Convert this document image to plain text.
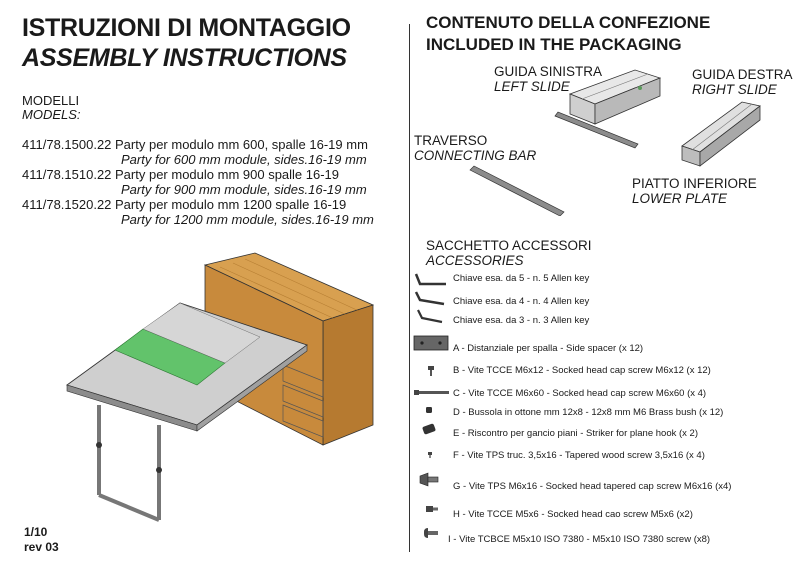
ISTRUZIONI DI MONTAGGIO
ASSEMBLY INSTRUCTIONS
MODELLI
MODELS:
411/78.1500.22 Party per modulo mm 600, spalle 16-19 mm
Party for 600 mm module, sides.16-19 mm
411/78.1510.22 Party per modulo mm 900 spalle 16-19
Party for 900 mm module, sides.16-19 mm
411/78.1520.22 Party per modulo mm 1200 spalle 16-19
Party for 1200 mm module, sides.16-19 mm
1/10
rev 03
CONTENUTO DELLA CONFEZIONE
INCLUDED IN THE PACKAGING
GUIDA SINISTRA
LEFT SLIDE
GUIDA DESTRA
RIGHT SLIDE
TRAVERSO
CONNECTING BAR
PIATTO INFERIORE
LOWER PLATE
SACCHETTO ACCESSORI
ACCESSORIES
Chiave esa. da 5 - n. 5 Allen key
Chiave esa. da 4 - n. 4 Allen key
Chiave esa. da 3 - n. 3 Allen key
A - Distanziale per spalla - Side spacer (x 12)
B - Vite TCCE M6x12 - Socked head cap screw M6x12 (x 12)
C - Vite TCCE M6x60 - Socked head cap screw M6x60 (x 4)
D - Bussola in ottone mm 12x8 - 12x8 mm M6 Brass bush (x 12)
E - Riscontro per gancio piani - Striker for plane hook (x 2)
F - Vite TPS truc. 3,5x16 - Tapered wood screw 3,5x16 (x 4)
G - Vite TPS M6x16 - Socked head tapered cap screw M6x16 (x4)
H - Vite TCCE M5x6 - Socked head cao screw M5x6 (x2)
I - Vite TCBCE M5x10 ISO 7380 - M5x10 ISO 7380 screw (x8)
